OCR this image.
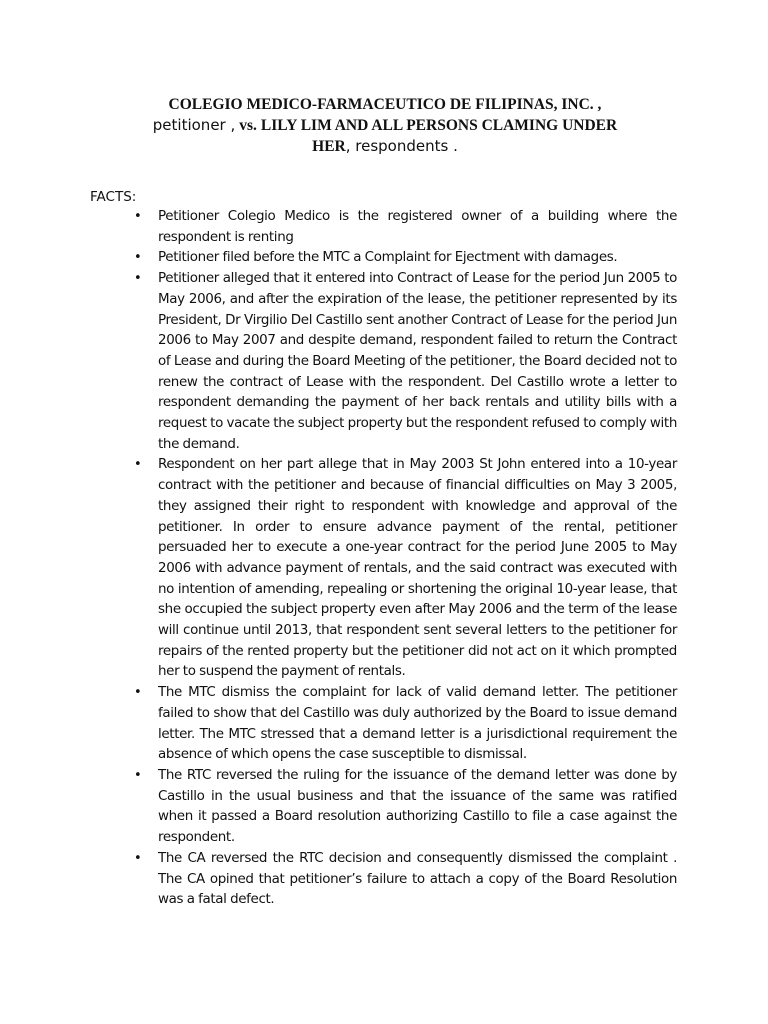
COLEGIO MEDICO-FARMACEUTICO DE FILIPINAS, INC. ,
petitioner , vs. LILY LIM AND ALL PERSONS CLAMING UNDER
HER, respondents .
FACTS:
• Petitioner Colegio Medico is the registered owner of a building where the respondent is renting
• Petitioner filed before the MTC a Complaint for Ejectment with damages.
• Petitioner alleged that it entered into Contract of Lease for the period Jun 2005 to May 2006, and after the expiration of the lease, the petitioner represented by its President, Dr Virgilio Del Castillo sent another Contract of Lease for the period Jun 2006 to May 2007 and despite demand, respondent failed to return the Contract of Lease and during the Board Meeting of the petitioner, the Board decided not to renew the contract of Lease with the respondent. Del Castillo wrote a letter to respondent demanding the payment of her back rentals and utility bills with a request to vacate the subject property but the respondent refused to comply with the demand.
• Respondent on her part allege that in May 2003 St John entered into a 10-year contract with the petitioner and because of financial difficulties on May 3 2005, they assigned their right to respondent with knowledge and approval of the petitioner. In order to ensure advance payment of the rental, petitioner persuaded her to execute a one-year contract for the period June 2005 to May 2006 with advance payment of rentals, and the said contract was executed with no intention of amending, repealing or shortening the original 10-year lease, that she occupied the subject property even after May 2006 and the term of the lease will continue until 2013, that respondent sent several letters to the petitioner for repairs of the rented property but the petitioner did not act on it which prompted her to suspend the payment of rentals.
• The MTC dismiss the complaint for lack of valid demand letter. The petitioner failed to show that del Castillo was duly authorized by the Board to issue demand letter. The MTC stressed that a demand letter is a jurisdictional requirement the absence of which opens the case susceptible to dismissal.
• The RTC reversed the ruling for the issuance of the demand letter was done by Castillo in the usual business and that the issuance of the same was ratified when it passed a Board resolution authorizing Castillo to file a case against the respondent.
• The CA reversed the RTC decision and consequently dismissed the complaint . The CA opined that petitioner’s failure to attach a copy of the Board Resolution was a fatal defect.
